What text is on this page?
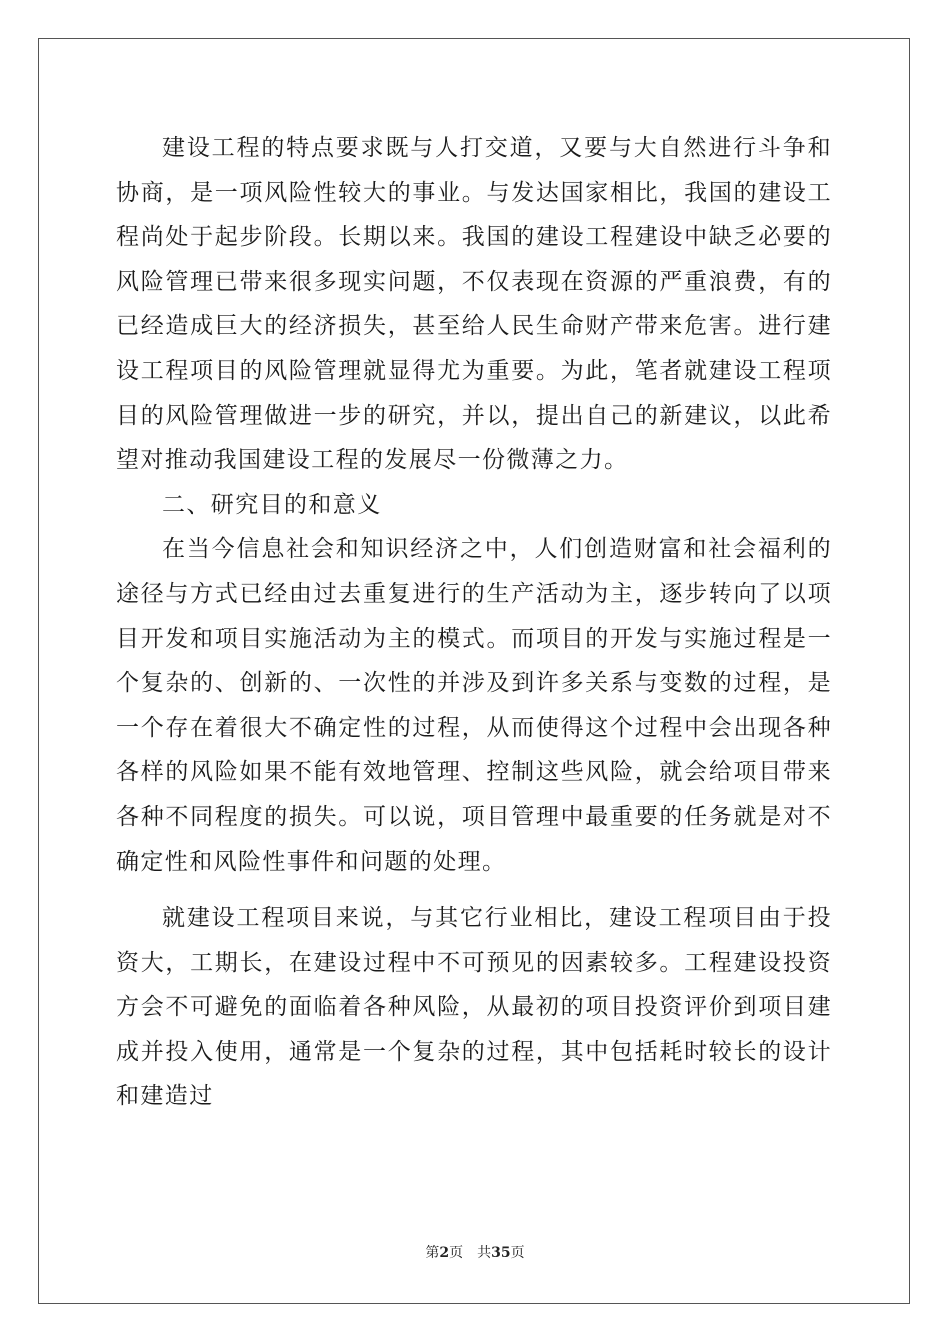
建设工程的特点要求既与人打交道，又要与大自然进行斗争和协商，是一项风险性较大的事业。与发达国家相比，我国的建设工程尚处于起步阶段。长期以来。我国的建设工程建设中缺乏必要的风险管理已带来很多现实问题，不仅表现在资源的严重浪费，有的已经造成巨大的经济损失，甚至给人民生命财产带来危害。进行建设工程项目的风险管理就显得尤为重要。为此，笔者就建设工程项目的风险管理做进一步的研究，并以，提出自己的新建议，以此希望对推动我国建设工程的发展尽一份微薄之力。

二、研究目的和意义

在当今信息社会和知识经济之中，人们创造财富和社会福利的途径与方式已经由过去重复进行的生产活动为主，逐步转向了以项目开发和项目实施活动为主的模式。而项目的开发与实施过程是一个复杂的、创新的、一次性的并涉及到许多关系与变数的过程，是一个存在着很大不确定性的过程，从而使得这个过程中会出现各种各样的风险如果不能有效地管理、控制这些风险，就会给项目带来各种不同程度的损失。可以说，项目管理中最重要的任务就是对不确定性和风险性事件和问题的处理。

就建设工程项目来说，与其它行业相比，建设工程项目由于投资大，工期长，在建设过程中不可预见的因素较多。工程建设投资方会不可避免的面临着各种风险，从最初的项目投资评价到项目建成并投入使用，通常是一个复杂的过程，其中包括耗时较长的设计和建造过

第2页 共35页
